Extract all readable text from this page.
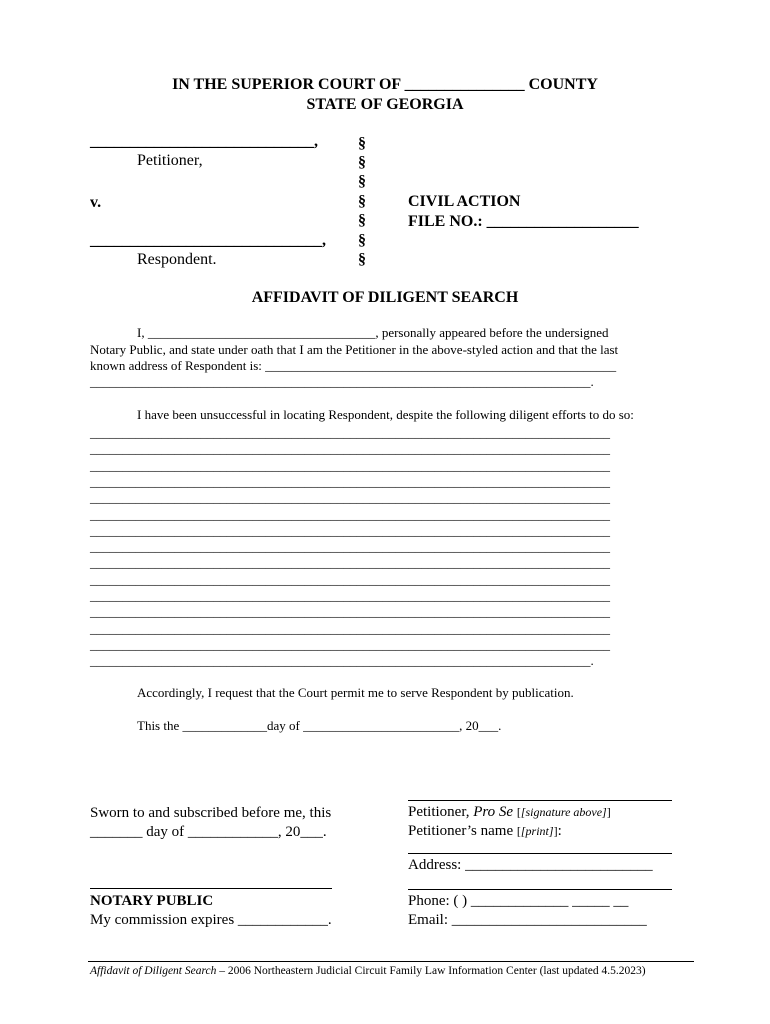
IN THE SUPERIOR COURT OF _______________ COUNTY
STATE OF GEORGIA
____________________________,
Petitioner,
v.
_____________________________,
Respondent.
§
§
§
§
§
§
§
CIVIL ACTION
FILE NO.: ___________________
AFFIDAVIT OF DILIGENT SEARCH
I, ___________________________________, personally appeared before the undersigned
Notary Public, and state under oath that I am the Petitioner in the above-styled action and that the last
known address of Respondent is: ______________________________________________________
_____________________________________________________________________________.
I have been unsuccessful in locating Respondent, despite the following diligent efforts to do so:
________________________________________________________________________________
________________________________________________________________________________
________________________________________________________________________________
________________________________________________________________________________
________________________________________________________________________________
________________________________________________________________________________
________________________________________________________________________________
________________________________________________________________________________
________________________________________________________________________________
________________________________________________________________________________
________________________________________________________________________________
________________________________________________________________________________
________________________________________________________________________________
________________________________________________________________________________
_____________________________________________________________________________.
Accordingly, I request that the Court permit me to serve Respondent by publication.
This the _____________day of ________________________, 20___.
Sworn to and subscribed before me, this
_______ day of ____________, 20___.
NOTARY PUBLIC
My commission expires ____________.
Petitioner, Pro Se [[signature above]]
Petitioner’s name [[print]]:
Address: _________________________
Phone: ( ) _____________ _____ __
Email: __________________________
Affidavit of Diligent Search – 2006 Northeastern Judicial Circuit Family Law Information Center (last updated 4.5.2023)
